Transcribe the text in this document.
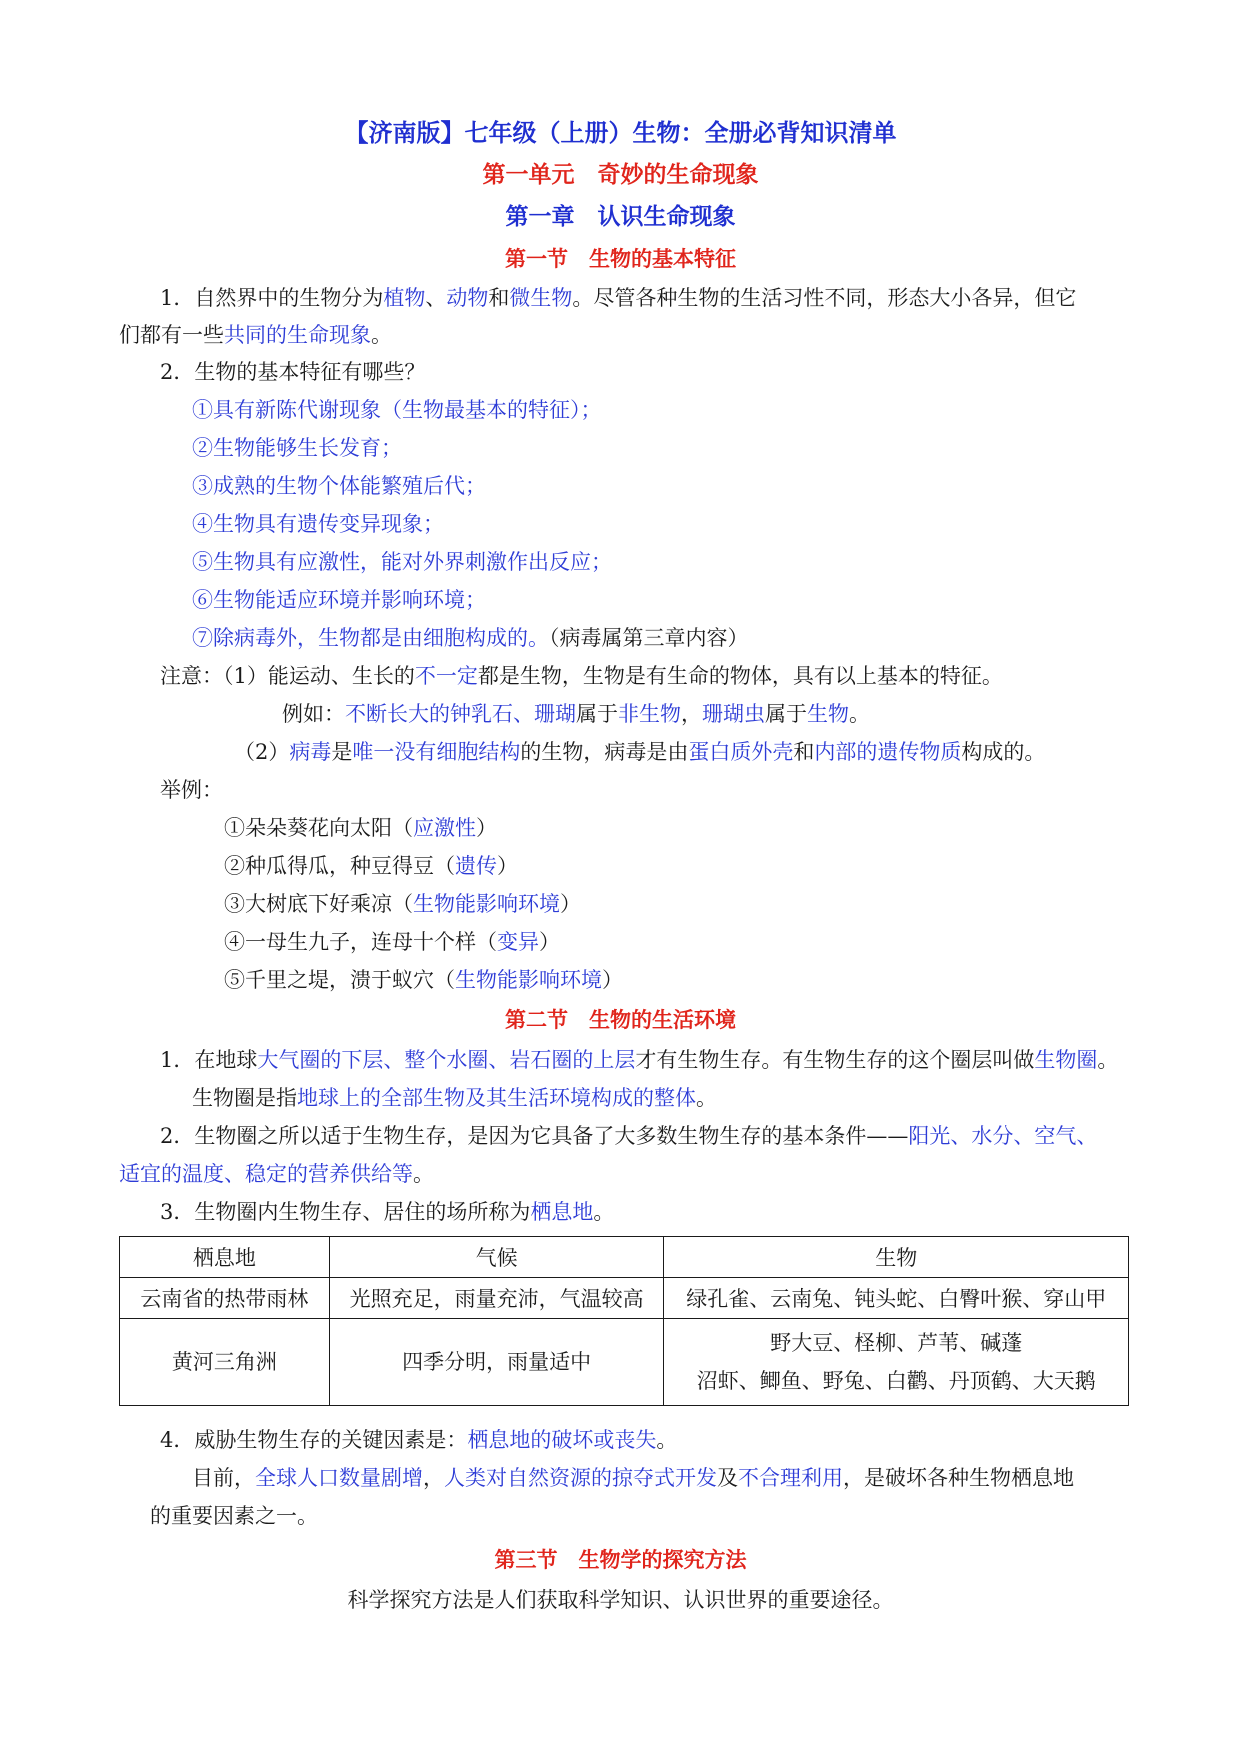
【济南版】七年级（上册）生物：全册必背知识清单
第一单元　奇妙的生命现象
第一章　认识生命现象
第一节　生物的基本特征
1．自然界中的生物分为植物、动物和微生物。尽管各种生物的生活习性不同，形态大小各异，但它
们都有一些共同的生命现象。
2．生物的基本特征有哪些？
①具有新陈代谢现象（生物最基本的特征）；
②生物能够生长发育；
③成熟的生物个体能繁殖后代；
④生物具有遗传变异现象；
⑤生物具有应激性，能对外界刺激作出反应；
⑥生物能适应环境并影响环境；
⑦除病毒外，生物都是由细胞构成的。（病毒属第三章内容）
注意：（1）能运动、生长的不一定都是生物，生物是有生命的物体，具有以上基本的特征。
例如：不断长大的钟乳石、珊瑚属于非生物，珊瑚虫属于生物。
（2）病毒是唯一没有细胞结构的生物，病毒是由蛋白质外壳和内部的遗传物质构成的。
举例：
①朵朵葵花向太阳（应激性）
②种瓜得瓜，种豆得豆（遗传）
③大树底下好乘凉（生物能影响环境）
④一母生九子，连母十个样（变异）
⑤千里之堤，溃于蚁穴（生物能影响环境）
第二节　生物的生活环境
1．在地球大气圈的下层、整个水圈、岩石圈的上层才有生物生存。有生物生存的这个圈层叫做生物圈。
生物圈是指地球上的全部生物及其生活环境构成的整体。
2．生物圈之所以适于生物生存，是因为它具备了大多数生物生存的基本条件——阳光、水分、空气、
适宜的温度、稳定的营养供给等。
3．生物圈内生物生存、居住的场所称为栖息地。
栖息地	气候	生物
云南省的热带雨林	光照充足，雨量充沛，气温较高	绿孔雀、云南兔、钝头蛇、白臀叶猴、穿山甲
黄河三角洲	四季分明，雨量适中	野大豆、柽柳、芦苇、碱蓬
沼虾、鲫鱼、野兔、白鹳、丹顶鹤、大天鹅
4．威胁生物生存的关键因素是：栖息地的破坏或丧失。
目前，全球人口数量剧增，人类对自然资源的掠夺式开发及不合理利用，是破坏各种生物栖息地
的重要因素之一。
第三节　生物学的探究方法
科学探究方法是人们获取科学知识、认识世界的重要途径。
